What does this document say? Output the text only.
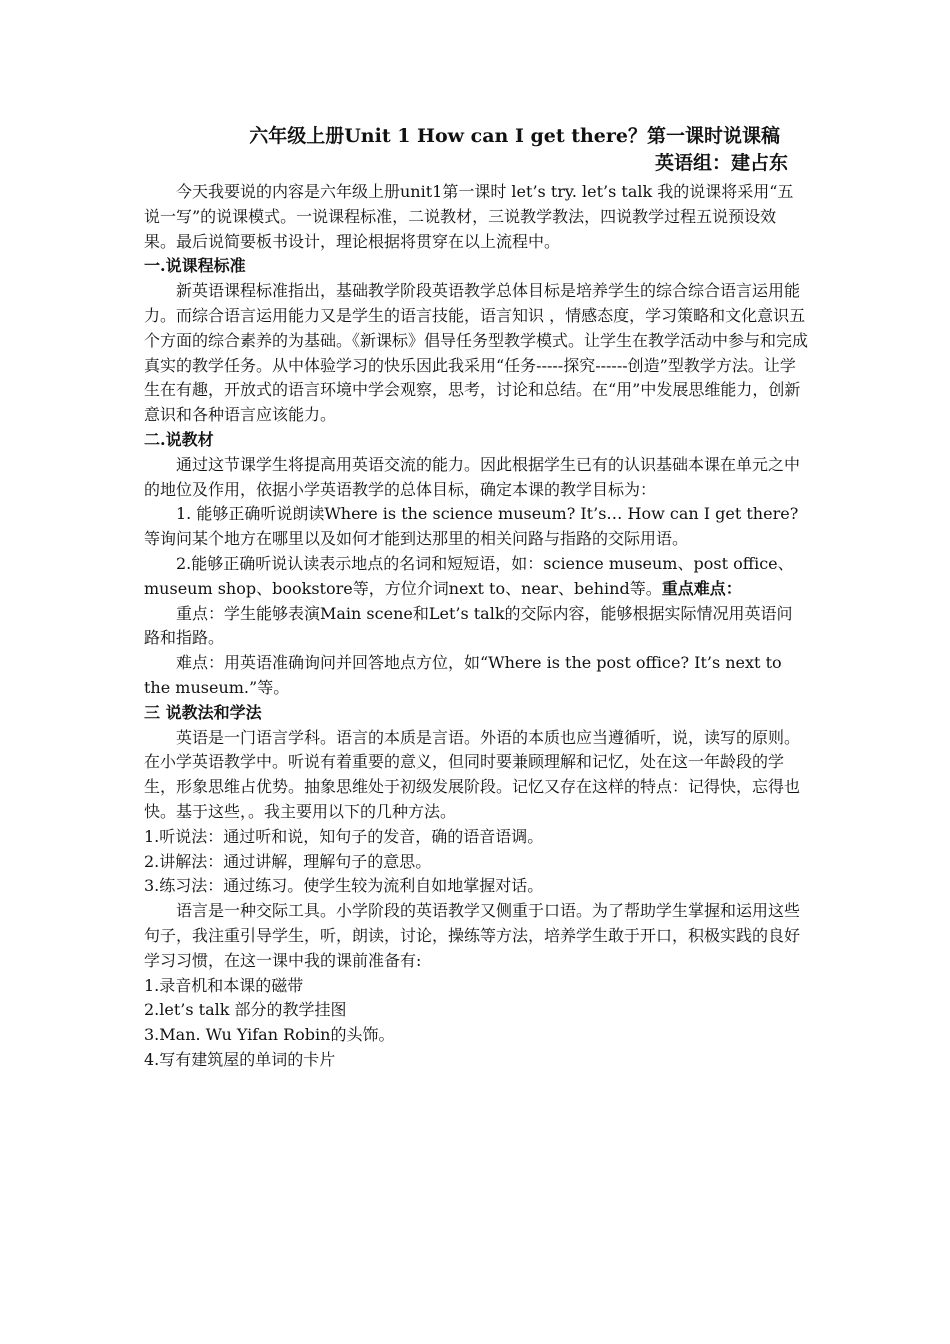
六年级上册Unit 1 How can I get there？第一课时说课稿

英语组：建占东

今天我要说的内容是六年级上册unit1第一课时 let’s try. let’s talk 我的说课将采用“五说一写”的说课模式。一说课程标准，二说教材，三说教学教法，四说教学过程五说预设效果。最后说简要板书设计，理论根据将贯穿在以上流程中。

一.说课程标准

新英语课程标准指出，基础教学阶段英语教学总体目标是培养学生的综合综合语言运用能力。而综合语言运用能力又是学生的语言技能，语言知识 ，情感态度，学习策略和文化意识五个方面的综合素养的为基础。《新课标》倡导任务型教学模式。让学生在教学活动中参与和完成真实的教学任务。从中体验学习的快乐因此我采用“任务-----探究------创造”型教学方法。让学生在有趣，开放式的语言环境中学会观察，思考，讨论和总结。在“用”中发展思维能力，创新意识和各种语言应该能力。

二.说教材

通过这节课学生将提高用英语交流的能力。因此根据学生已有的认识基础本课在单元之中的地位及作用，依据小学英语教学的总体目标，确定本课的教学目标为：

1. 能够正确听说朗读Where is the science museum? It’s… How can I get there?等询问某个地方在哪里以及如何才能到达那里的相关问路与指路的交际用语。

2.能够正确听说认读表示地点的名词和短短语，如：science museum、post office、museum shop、bookstore等，方位介词next to、near、behind等。重点难点：

重点：学生能够表演Main scene和Let’s talk的交际内容，能够根据实际情况用英语问路和指路。

难点：用英语准确询问并回答地点方位，如“Where is the post office? It’s next to the museum.”等。

三 说教法和学法

英语是一门语言学科。语言的本质是言语。外语的本质也应当遵循听，说，读写的原则。在小学英语教学中。听说有着重要的意义，但同时要兼顾理解和记忆，处在这一年龄段的学生，形象思维占优势。抽象思维处于初级发展阶段。记忆又存在这样的特点：记得快，忘得也快。基于这些，。我主要用以下的几种方法。

1.听说法：通过听和说，知句子的发音，确的语音语调。

2.讲解法：通过讲解，理解句子的意思。

3.练习法：通过练习。使学生较为流利自如地掌握对话。

语言是一种交际工具。小学阶段的英语教学又侧重于口语。为了帮助学生掌握和运用这些句子，我注重引导学生，听，朗读，讨论，操练等方法，培养学生敢于开口，积极实践的良好学习习惯，在这一课中我的课前准备有:

1.录音机和本课的磁带

2.let’s talk 部分的教学挂图

3.Man. Wu Yifan Robin的头饰。

4.写有建筑屋的单词的卡片
